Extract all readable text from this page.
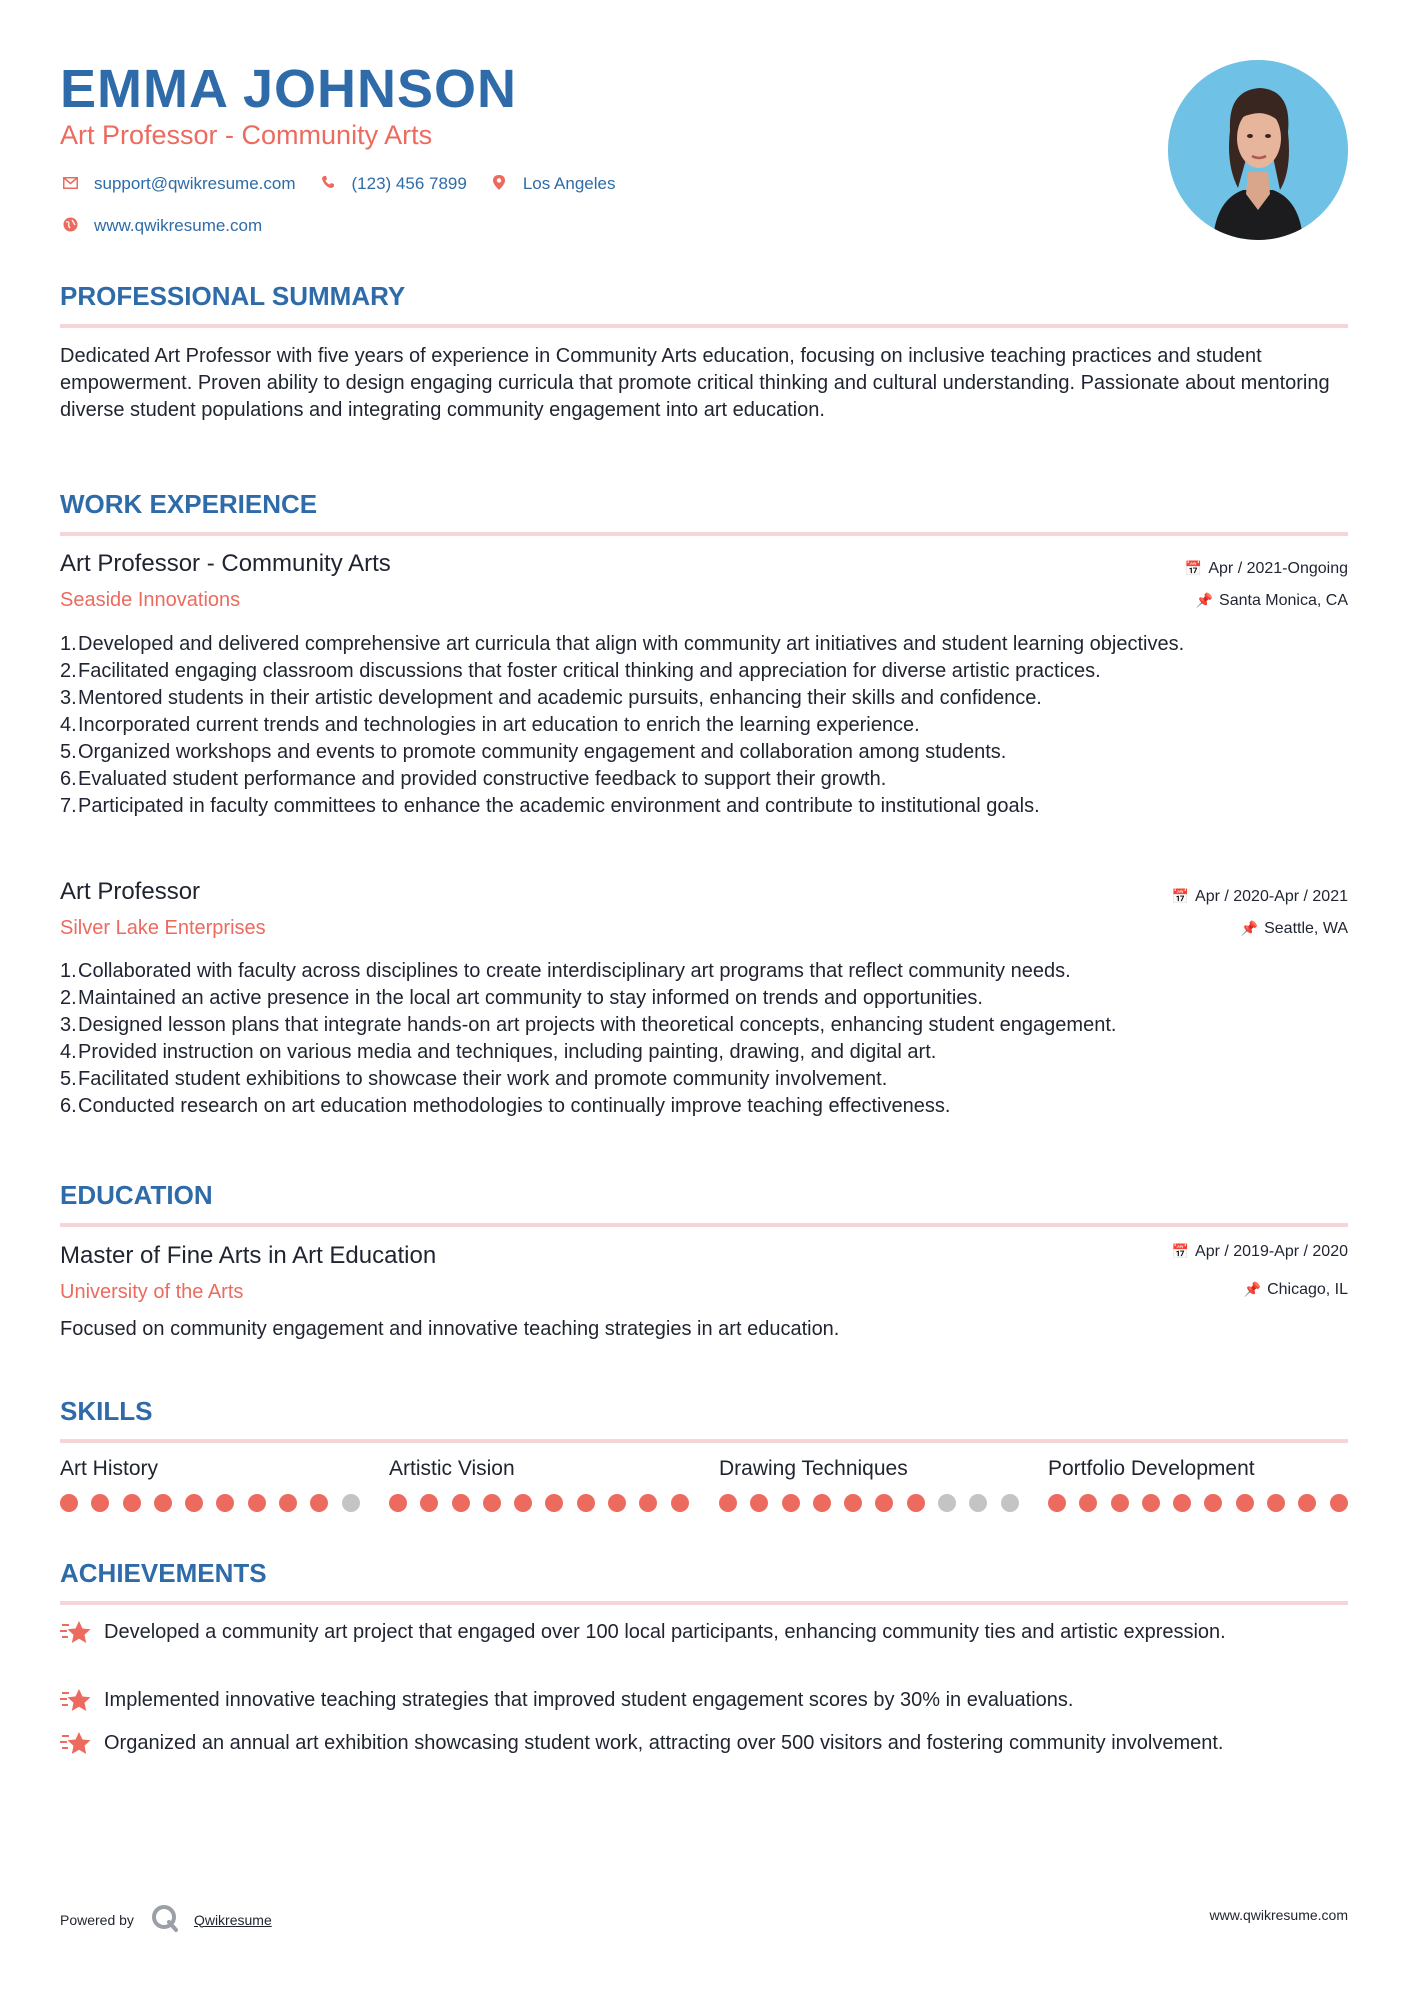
EMMA JOHNSON
Art Professor - Community Arts
support@qwikresume.com	(123) 456 7899	Los Angeles
www.qwikresume.com
PROFESSIONAL SUMMARY
Dedicated Art Professor with five years of experience in Community Arts education, focusing on inclusive teaching practices and student empowerment. Proven ability to design engaging curricula that promote critical thinking and cultural understanding. Passionate about mentoring diverse student populations and integrating community engagement into art education.
WORK EXPERIENCE
Art Professor - Community Arts
Seaside Innovations
📅 Apr / 2021-Ongoing
📌 Santa Monica, CA
1. Developed and delivered comprehensive art curricula that align with community art initiatives and student learning objectives.
2. Facilitated engaging classroom discussions that foster critical thinking and appreciation for diverse artistic practices.
3. Mentored students in their artistic development and academic pursuits, enhancing their skills and confidence.
4. Incorporated current trends and technologies in art education to enrich the learning experience.
5. Organized workshops and events to promote community engagement and collaboration among students.
6. Evaluated student performance and provided constructive feedback to support their growth.
7. Participated in faculty committees to enhance the academic environment and contribute to institutional goals.
Art Professor
Silver Lake Enterprises
📅 Apr / 2020-Apr / 2021
📌 Seattle, WA
1. Collaborated with faculty across disciplines to create interdisciplinary art programs that reflect community needs.
2. Maintained an active presence in the local art community to stay informed on trends and opportunities.
3. Designed lesson plans that integrate hands-on art projects with theoretical concepts, enhancing student engagement.
4. Provided instruction on various media and techniques, including painting, drawing, and digital art.
5. Facilitated student exhibitions to showcase their work and promote community involvement.
6. Conducted research on art education methodologies to continually improve teaching effectiveness.
EDUCATION
Master of Fine Arts in Art Education
University of the Arts
📅 Apr / 2019-Apr / 2020
📌 Chicago, IL
Focused on community engagement and innovative teaching strategies in art education.
SKILLS
Art History	Artistic Vision	Drawing Techniques	Portfolio Development
ACHIEVEMENTS
Developed a community art project that engaged over 100 local participants, enhancing community ties and artistic expression.
Implemented innovative teaching strategies that improved student engagement scores by 30% in evaluations.
Organized an annual art exhibition showcasing student work, attracting over 500 visitors and fostering community involvement.
Powered by	Qwikresume	www.qwikresume.com
